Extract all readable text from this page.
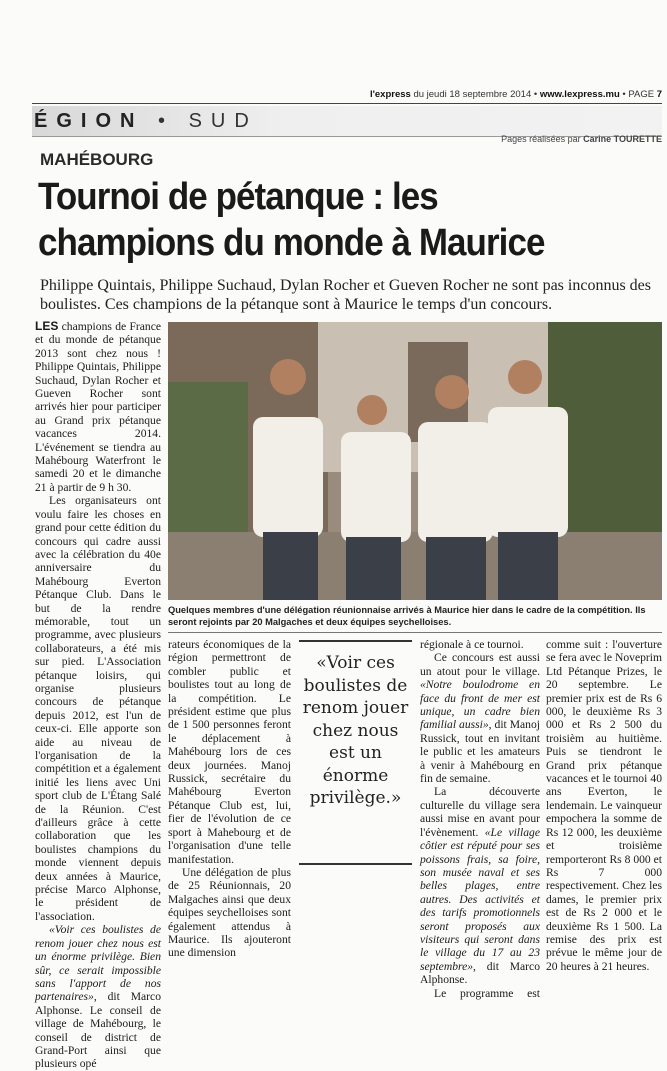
l'express du jeudi 18 septembre 2014 • www.lexpress.mu • PAGE 7
ÉGION • SUD
Pages réalisées par Carine TOURETTE
MAHÉBOURG
Tournoi de pétanque : les champions du monde à Maurice
Philippe Quintais, Philippe Suchaud, Dylan Rocher et Gueven Rocher ne sont pas inconnus des boulistes. Ces champions de la pétanque sont à Maurice le temps d'un concours.

LES champions de France et du monde de pétanque 2013 sont chez nous ! Philippe Quintais, Philippe Suchaud, Dylan Rocher et Gueven Rocher sont arrivés hier pour participer au Grand prix pétanque vacances 2014. L'événement se tiendra au Mahébourg Waterfront le samedi 20 et le dimanche 21 à partir de 9 h 30.

Les organisateurs ont voulu faire les choses en grand pour cette édition du concours qui cadre aussi avec la célébration du 40e anniversaire du Mahébourg Everton Pétanque Club. Dans le but de la rendre mémorable, tout un programme, avec plusieurs collaborateurs, a été mis sur pied. L'Association pétanque loisirs, qui organise plusieurs concours de pétanque depuis 2012, est l'un de ceux-ci. Elle apporte son aide au niveau de l'organisation de la compétition et a également initié les liens avec Uni sport club de L'Étang Salé de la Réunion. C'est d'ailleurs grâce à cette collaboration que les boulistes champions du monde viennent depuis deux années à Maurice, précise Marco Alphonse, le président de l'association.

«Voir ces boulistes de renom jouer chez nous est un énorme privilège. Bien sûr, ce serait impossible sans l'apport de nos partenaires», dit Marco Alphonse. Le conseil de village de Mahébourg, le conseil de district de Grand-Port ainsi que plusieurs opé

Quelques membres d'une délégation réunionnaise arrivés à Maurice hier dans le cadre de la compétition. Ils seront rejoints par 20 Malgaches et deux équipes seychelloises.

rateurs économiques de la région permettront de combler public et boulistes tout au long de la compétition. Le président estime que plus de 1 500 personnes feront le déplacement à Mahébourg lors de ces deux journées. Manoj Russick, secrétaire du Mahébourg Everton Pétanque Club est, lui, fier de l'évolution de ce sport à Mahebourg et de l'organisation d'une telle manifestation.

Une délégation de plus de 25 Réunionnais, 20 Malgaches ainsi que deux équipes seychelloises sont également attendus à Maurice. Ils ajouteront une dimension

«Voir ces boulistes de renom jouer chez nous est un énorme privilège.»

régionale à ce tournoi.

Ce concours est aussi un atout pour le village. «Notre boulodrome en face du front de mer est unique, un cadre bien familial aussi», dit Manoj Russick, tout en invitant le public et les amateurs à venir à Mahébourg en fin de semaine.

La découverte culturelle du village sera aussi mise en avant pour l'évènement. «Le village côtier est réputé pour ses poissons frais, sa foire, son musée naval et ses belles plages, entre autres. Des activités et des tarifs promotionnels seront proposés aux visiteurs qui seront dans le village du 17 au 23 septembre», dit Marco Alphonse.

Le programme est

comme suit : l'ouverture se fera avec le Noveprim Ltd Pétanque Prizes, le 20 septembre. Le premier prix est de Rs 6 000, le deuxième Rs 3 000 et Rs 2 500 du troisièm au huitième. Puis se tiendront le Grand prix pétanque vacances et le tournoi 40 ans Everton, le lendemain. Le vainqueur empochera la somme de Rs 12 000, les deuxième et troisième remporteront Rs 8 000 et Rs 7 000 respectivement. Chez les dames, le premier prix est de Rs 2 000 et le deuxième Rs 1 500. La remise des prix est prévue le même jour de 20 heures à 21 heures.
